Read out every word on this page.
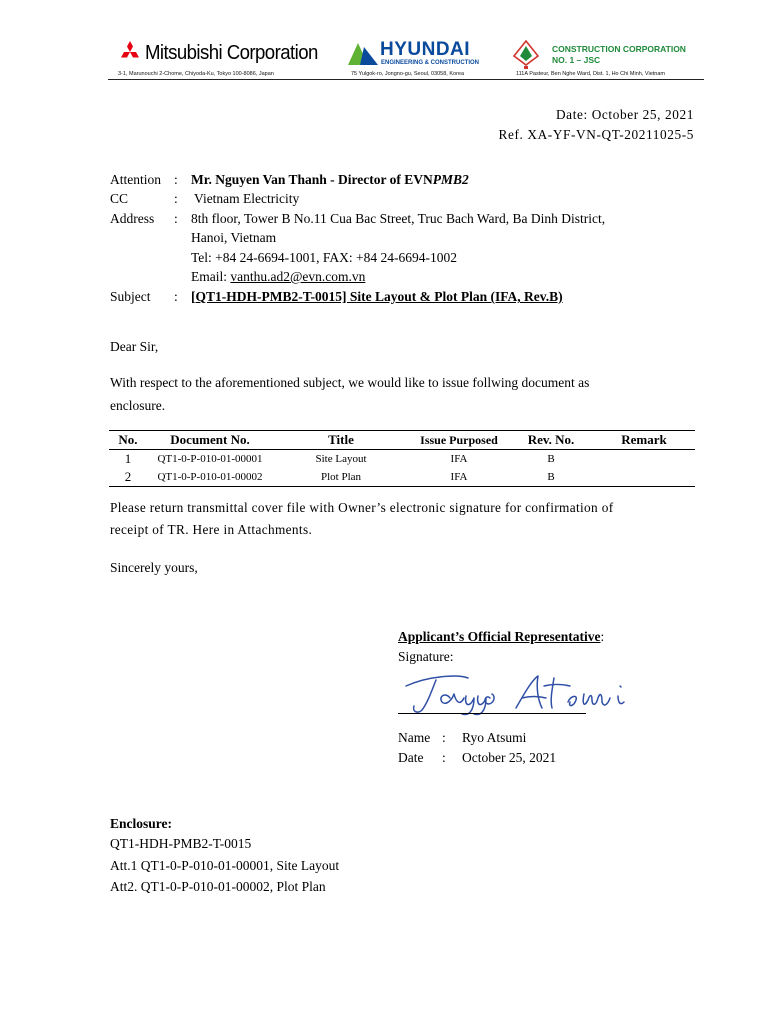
Mitsubishi Corporation	HYUNDAI
ENGINEERING & CONSTRUCTION
CONSTRUCTION CORPORATION
NO. 1 – JSC
3-1, Marunouchi 2-Chome, Chiyoda-Ku, Tokyo 100-8086, Japan	75 Yulgok-ro, Jongno-gu, Seoul, 03058, Korea	111A Pasteur, Ben Nghe Ward, Dist. 1, Ho Chi Minh, Vietnam
Date: October 25, 2021
Ref. XA-YF-VN-QT-20211025-5
Attention : Mr. Nguyen Van Thanh - Director of EVNPMB2
CC	: Vietnam Electricity
Address : 8th floor, Tower B No.11 Cua Bac Street, Truc Bach Ward, Ba Dinh District,
Hanoi, Vietnam
Tel: +84 24-6694-1001, FAX: +84 24-6694-1002
Email: vanthu.ad2@evn.com.vn
Subject : [QT1-HDH-PMB2-T-0015] Site Layout & Plot Plan (IFA, Rev.B)
Dear Sir,
With respect to the aforementioned subject, we would like to issue follwing document as
enclosure.
No.	Document No.	Title	Issue Purposed	Rev. No.	Remark
1	QT1-0-P-010-01-00001	Site Layout	IFA	B	
2	QT1-0-P-010-01-00002	Plot Plan	IFA	B	
Please return transmittal cover file with Owner’s electronic signature for confirmation of
receipt of TR. Here in Attachments.
Sincerely yours,
Applicant’s Official Representative:
Signature:
Name : Ryo Atsumi
Date : October 25, 2021
Enclosure:
QT1-HDH-PMB2-T-0015
Att.1 QT1-0-P-010-01-00001, Site Layout
Att2. QT1-0-P-010-01-00002, Plot Plan
